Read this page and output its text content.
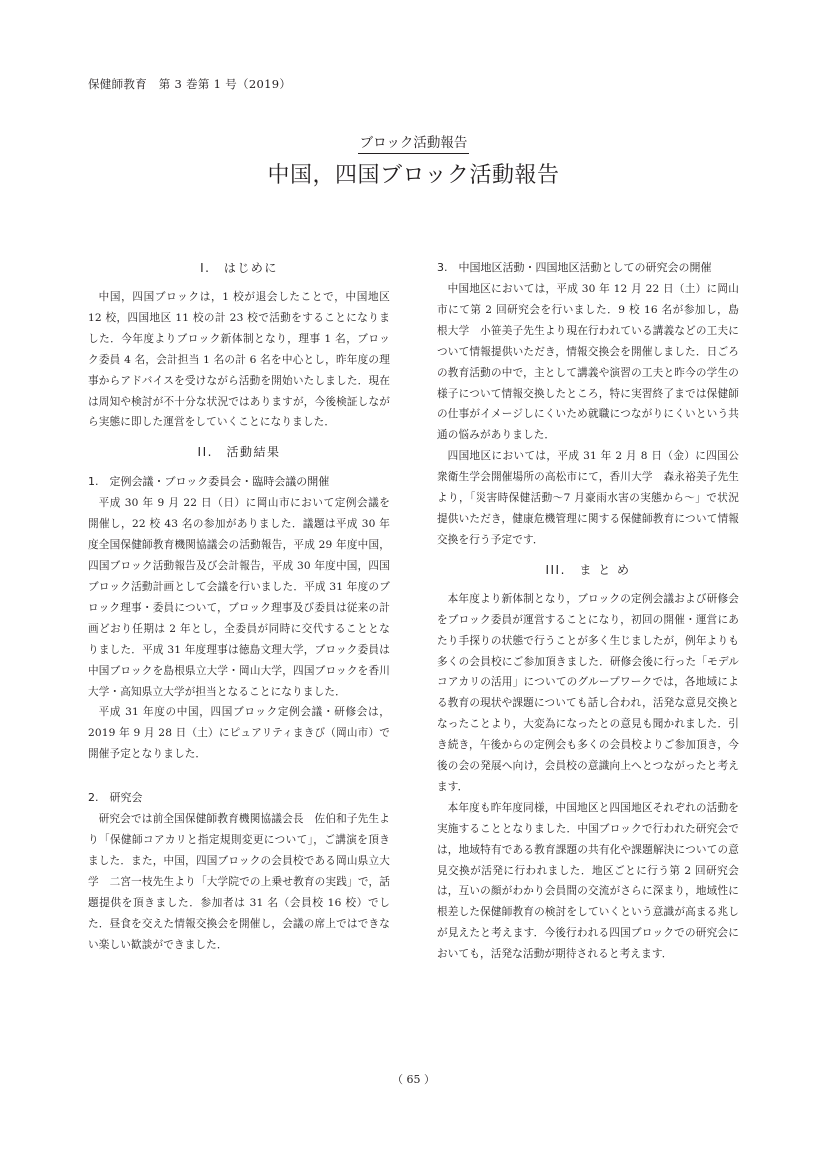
保健師教育　第 3 巻第 1 号（2019）
ブロック活動報告
中国，四国ブロック活動報告
I.　はじめに

中国，四国ブロックは，1 校が退会したことで，中国地区 12 校，四国地区 11 校の計 23 校で活動をすることになりました．今年度よりブロック新体制となり，理事 1 名，ブロック委員 4 名，会計担当 1 名の計 6 名を中心とし，昨年度の理事からアドバイスを受けながら活動を開始いたしました．現在は周知や検討が不十分な状況ではありますが，今後検証しながら実態に即した運営をしていくことになりました．

II.　活動結果
1.　定例会議・ブロック委員会・臨時会議の開催

平成 30 年 9 月 22 日（日）に岡山市において定例会議を開催し，22 校 43 名の参加がありました．議題は平成 30 年度全国保健師教育機関協議会の活動報告，平成 29 年度中国，四国ブロック活動報告及び会計報告，平成 30 年度中国，四国ブロック活動計画として会議を行いました．平成 31 年度のブロック理事・委員について，ブロック理事及び委員は従来の計画どおり任期は 2 年とし，全委員が同時に交代することとなりました．平成 31 年度理事は徳島文理大学，ブロック委員は中国ブロックを島根県立大学・岡山大学，四国ブロックを香川大学・高知県立大学が担当となることになりました．

平成 31 年度の中国，四国ブロック定例会議・研修会は，2019 年 9 月 28 日（土）にピュアリティまきび（岡山市）で開催予定となりました．

2.　研究会

研究会では前全国保健師教育機関協議会長　佐伯和子先生より「保健師コアカリと指定規則変更について」，ご講演を頂きました．また，中国，四国ブロックの会員校である岡山県立大学　二宮一枝先生より「大学院での上乗せ教育の実践」で，話題提供を頂きました．参加者は 31 名（会員校 16 校）でした．昼食を交えた情報交換会を開催し，会議の席上ではできない楽しい歓談ができました．

3.　中国地区活動・四国地区活動としての研究会の開催

中国地区においては，平成 30 年 12 月 22 日（土）に岡山市にて第 2 回研究会を行いました．9 校 16 名が参加し，島根大学　小笹美子先生より現在行われている講義などの工夫について情報提供いただき，情報交換会を開催しました．日ごろの教育活動の中で，主として講義や演習の工夫と昨今の学生の様子について情報交換したところ，特に実習終了までは保健師の仕事がイメージしにくいため就職につながりにくいという共通の悩みがありました．

四国地区においては，平成 31 年 2 月 8 日（金）に四国公衆衛生学会開催場所の高松市にて，香川大学　森永裕美子先生より，「災害時保健活動〜7 月豪雨水害の実態から〜」で状況提供いただき，健康危機管理に関する保健師教育について情報交換を行う予定です．

III.　ま と め

本年度より新体制となり，ブロックの定例会議および研修会をブロック委員が運営することになり，初回の開催・運営にあたり手探りの状態で行うことが多く生じましたが，例年よりも多くの会員校にご参加頂きました．研修会後に行った「モデルコアカリの活用」についてのグループワークでは，各地域による教育の現状や課題についても話し合われ，活発な意見交換となったことより，大変為になったとの意見も聞かれました．引き続き，午後からの定例会も多くの会員校よりご参加頂き，今後の会の発展へ向け，会員校の意識向上へとつながったと考えます．

本年度も昨年度同様，中国地区と四国地区それぞれの活動を実施することとなりました．中国ブロックで行われた研究会では，地域特有である教育課題の共有化や課題解決についての意見交換が活発に行われました．地区ごとに行う第 2 回研究会は，互いの顔がわかり会員間の交流がさらに深まり，地域性に根差した保健師教育の検討をしていくという意識が高まる兆しが見えたと考えます．今後行われる四国ブロックでの研究会においても，活発な活動が期待されると考えます．

（ 65 ）
